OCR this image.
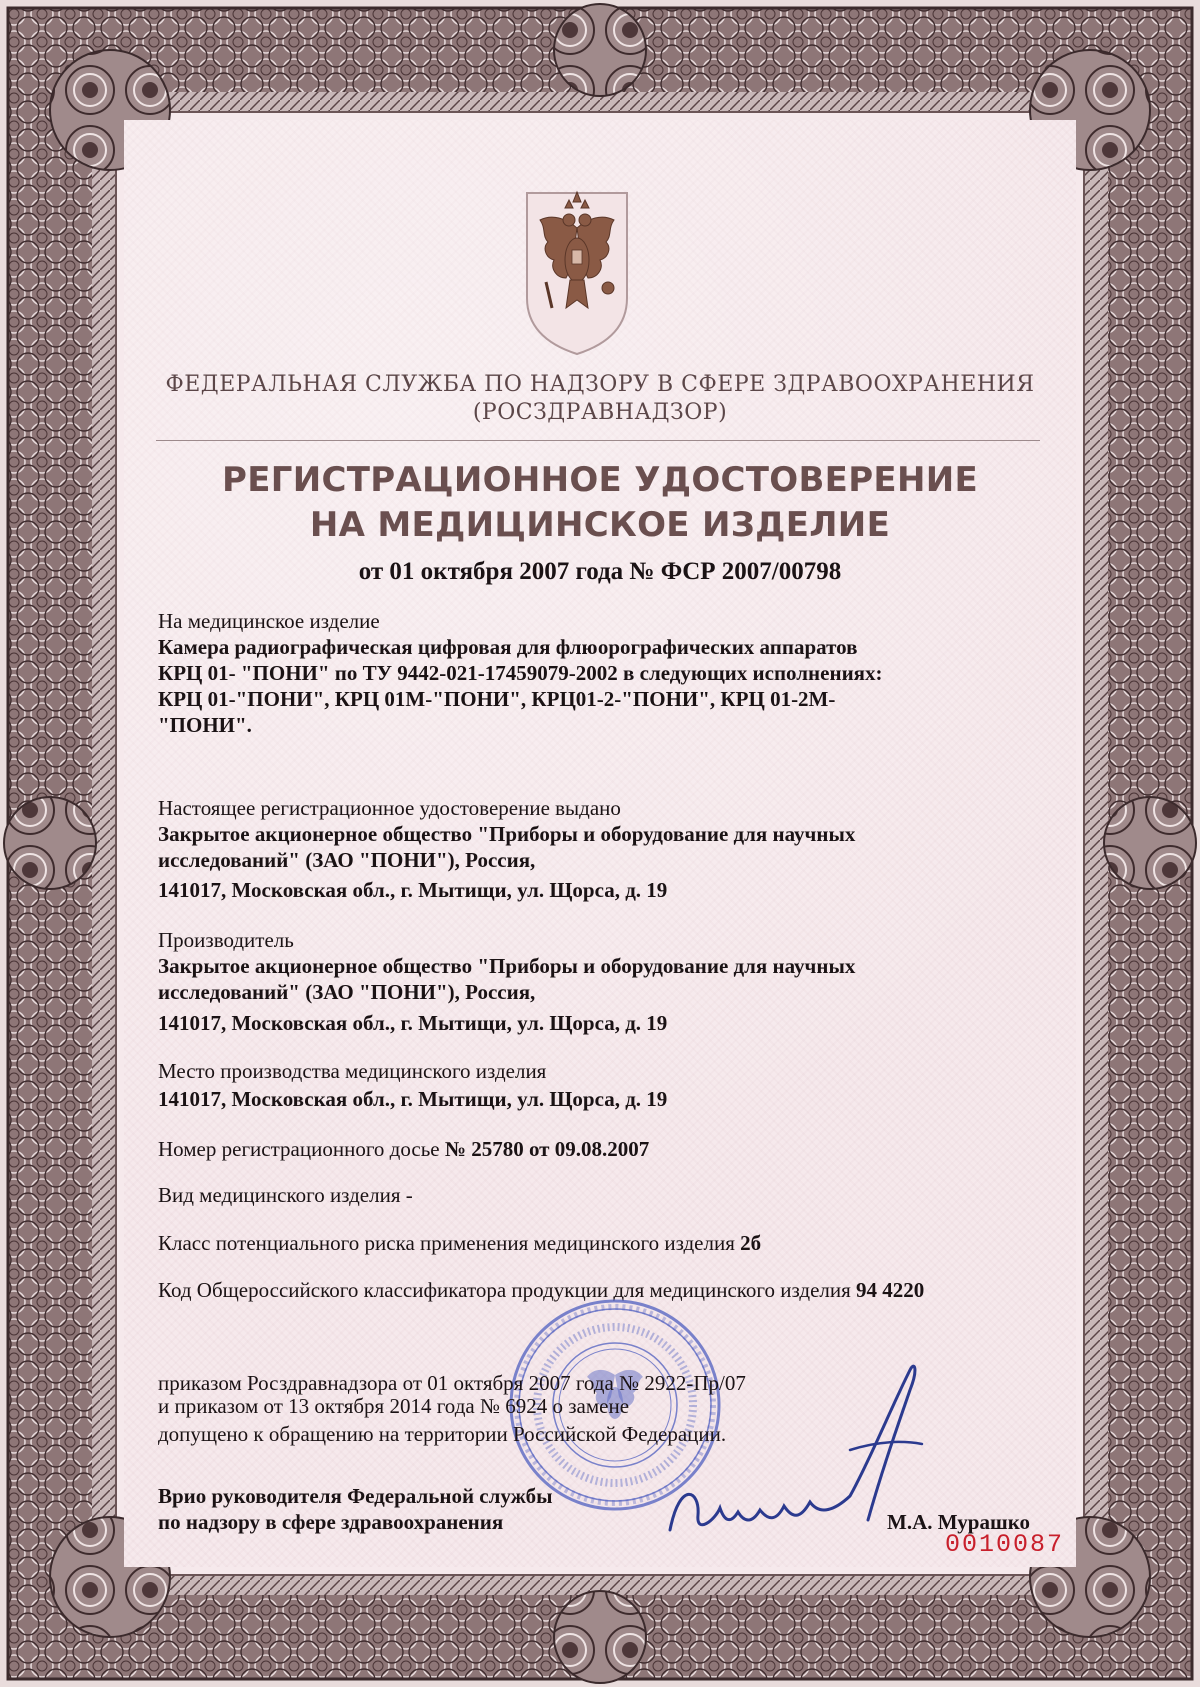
ФЕДЕРАЛЬНАЯ СЛУЖБА ПО НАДЗОРУ В СФЕРЕ ЗДРАВООХРАНЕНИЯ
(РОСЗДРАВНАДЗОР)
РЕГИСТРАЦИОННОЕ УДОСТОВЕРЕНИЕ
НА МЕДИЦИНСКОЕ ИЗДЕЛИЕ
от 01 октября 2007 года № ФСР 2007/00798
На медицинское изделие
Камера радиографическая цифровая для флюорографических аппаратов
КРЦ 01- "ПОНИ" по ТУ 9442-021-17459079-2002 в следующих исполнениях:
КРЦ 01-"ПОНИ", КРЦ 01М-"ПОНИ", КРЦ01-2-"ПОНИ", КРЦ 01-2М-
"ПОНИ".
Настоящее регистрационное удостоверение выдано
Закрытое акционерное общество "Приборы и оборудование для научных
исследований" (ЗАО "ПОНИ"), Россия,
141017, Московская обл., г. Мытищи, ул. Щорса, д. 19
Производитель
Закрытое акционерное общество "Приборы и оборудование для научных
исследований" (ЗАО "ПОНИ"), Россия,
141017, Московская обл., г. Мытищи, ул. Щорса, д. 19
Место производства медицинского изделия
141017, Московская обл., г. Мытищи, ул. Щорса, д. 19
Номер регистрационного досье № 25780 от 09.08.2007
Вид медицинского изделия -
Класс потенциального риска применения медицинского изделия 2б
Код Общероссийского классификатора продукции для медицинского изделия 94 4220
приказом Росздравнадзора от 01 октября 2007 года № 2922-Пр/07
и приказом от 13 октября 2014 года № 6924 о замене
допущено к обращению на территории Российской Федерации.
Врио руководителя Федеральной службы
по надзору в сфере здравоохранения	М.А. Мурашко
0010087
